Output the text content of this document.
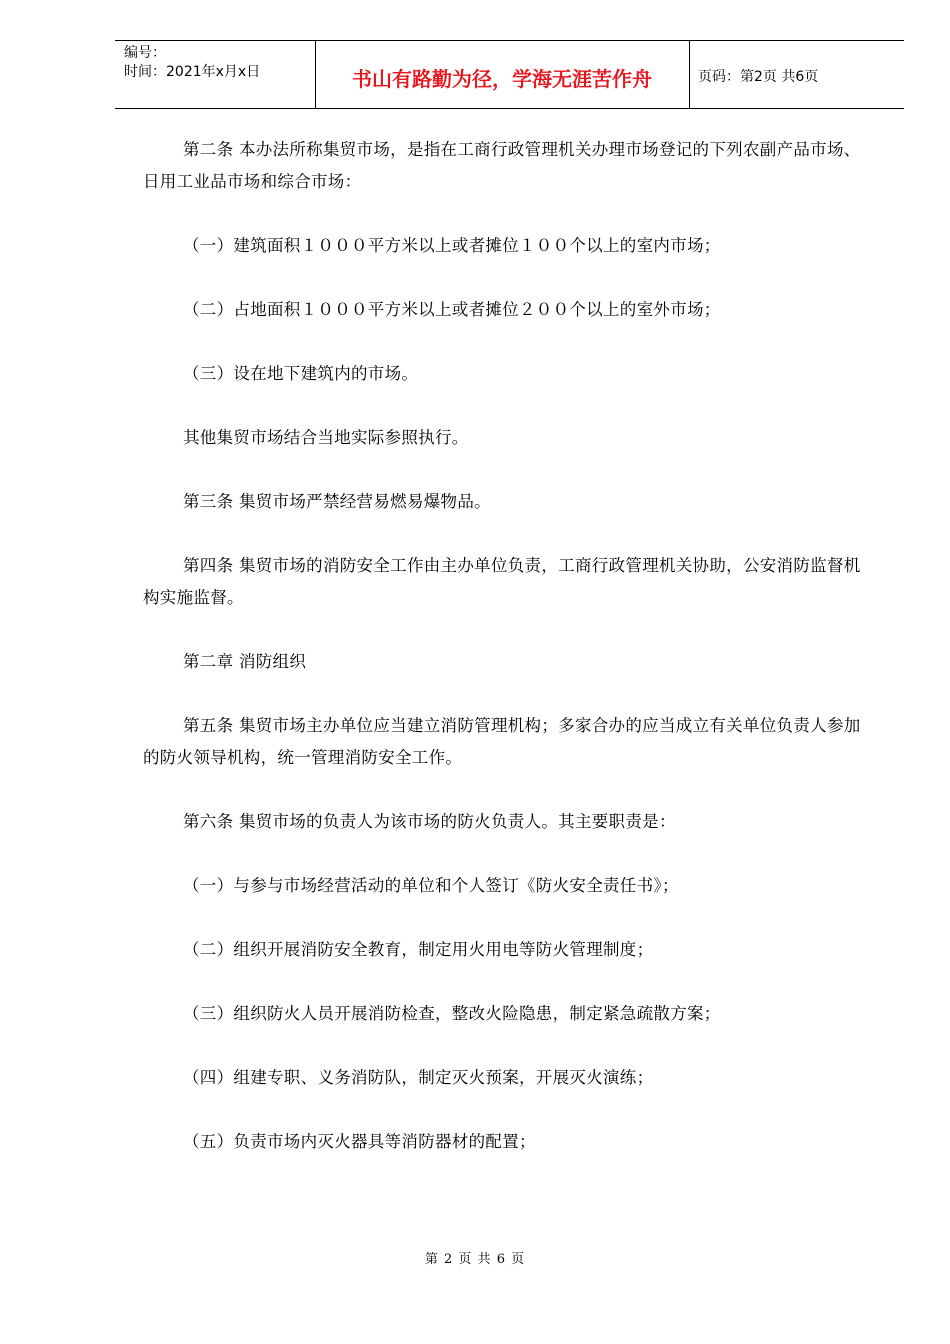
编号：
时间：2021年x月x日	书山有路勤为径，学海无涯苦作舟	页码：第2页 共6页

第二条 本办法所称集贸市场，是指在工商行政管理机关办理市场登记的下列农副产品市场、日用工业品市场和综合市场：

（一）建筑面积１０００平方米以上或者摊位１００个以上的室内市场；

（二）占地面积１０００平方米以上或者摊位２００个以上的室外市场；

（三）设在地下建筑内的市场。

其他集贸市场结合当地实际参照执行。

第三条 集贸市场严禁经营易燃易爆物品。

第四条 集贸市场的消防安全工作由主办单位负责，工商行政管理机关协助，公安消防监督机构实施监督。

第二章 消防组织

第五条 集贸市场主办单位应当建立消防管理机构；多家合办的应当成立有关单位负责人参加的防火领导机构，统一管理消防安全工作。

第六条 集贸市场的负责人为该市场的防火负责人。其主要职责是：

（一）与参与市场经营活动的单位和个人签订《防火安全责任书》；

（二）组织开展消防安全教育，制定用火用电等防火管理制度；

（三）组织防火人员开展消防检查，整改火险隐患，制定紧急疏散方案；

（四）组建专职、义务消防队，制定灭火预案，开展灭火演练；

（五）负责市场内灭火器具等消防器材的配置；

第 2 页 共 6 页
